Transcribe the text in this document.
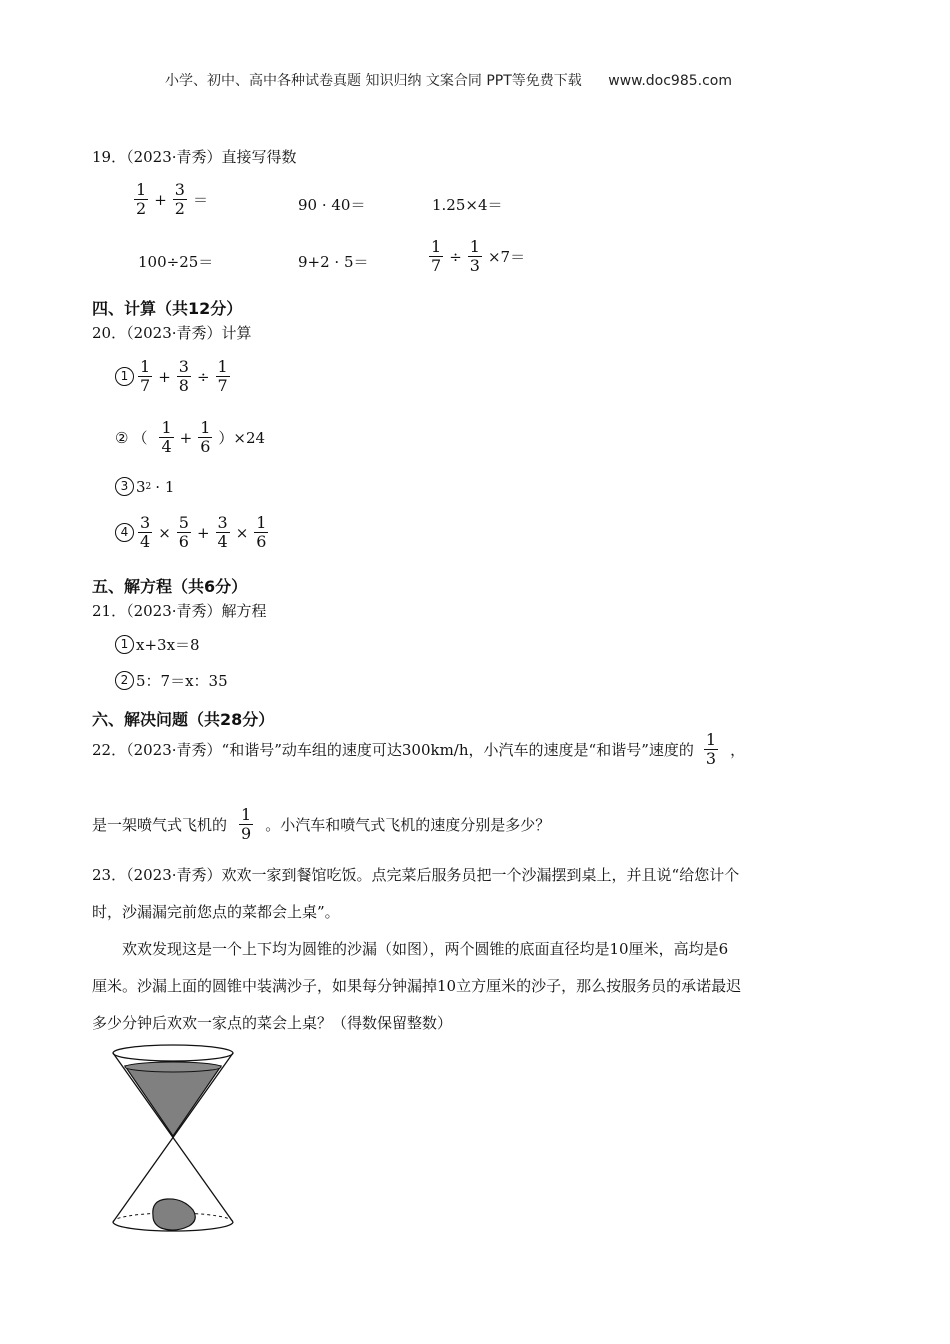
小学、初中、高中各种试卷真题 知识归纳 文案合同 PPT等免费下载 www.doc985.com
19．（2023·青秀）直接写得数
$\frac{1}{2} + \frac{3}{2}$ ＝	90 · 40＝	1.25×4＝
100÷25＝	9+2 · 5＝	$\frac{1}{7} \div \frac{1}{3} \times 7=$
四、计算（共12分）
20．（2023·青秀）计算
$1 \frac{1}{7} + \frac{3}{8} \div \frac{1}{7}$
② （ $\frac{1}{4} + \frac{1}{6} )\times 24$
3 3 2 · 1
$4 \frac{3}{4} \times \frac{5}{6} + \frac{3}{4} \times \frac{1}{6}$
五、解方程（共6分）
21．（2023·青秀）解方程
1 x+3x＝8
2 5：7＝x：35
六、解决问题（共28分）
22．（2023·青秀）“和谐号”动车组的速度可达300km/h，小汽车的速度是“和谐号”速度的 $\frac{1}{3}$ ，
是一架喷气式飞机的 $\frac{1}{9}$ 。小汽车和喷气式飞机的速度分别是多少？
23．（2023·青秀）欢欢一家到餐馆吃饭。点完菜后服务员把一个沙漏摆到桌上，并且说“给您计个
时，沙漏漏完前您点的菜都会上桌”。
欢欢发现这是一个上下均为圆锥的沙漏（如图），两个圆锥的底面直径均是10厘米，高均是6
厘米。沙漏上面的圆锥中装满沙子，如果每分钟漏掉10立方厘米的沙子，那么按服务员的承诺最迟
多少分钟后欢欢一家点的菜会上桌？（得数保留整数）
